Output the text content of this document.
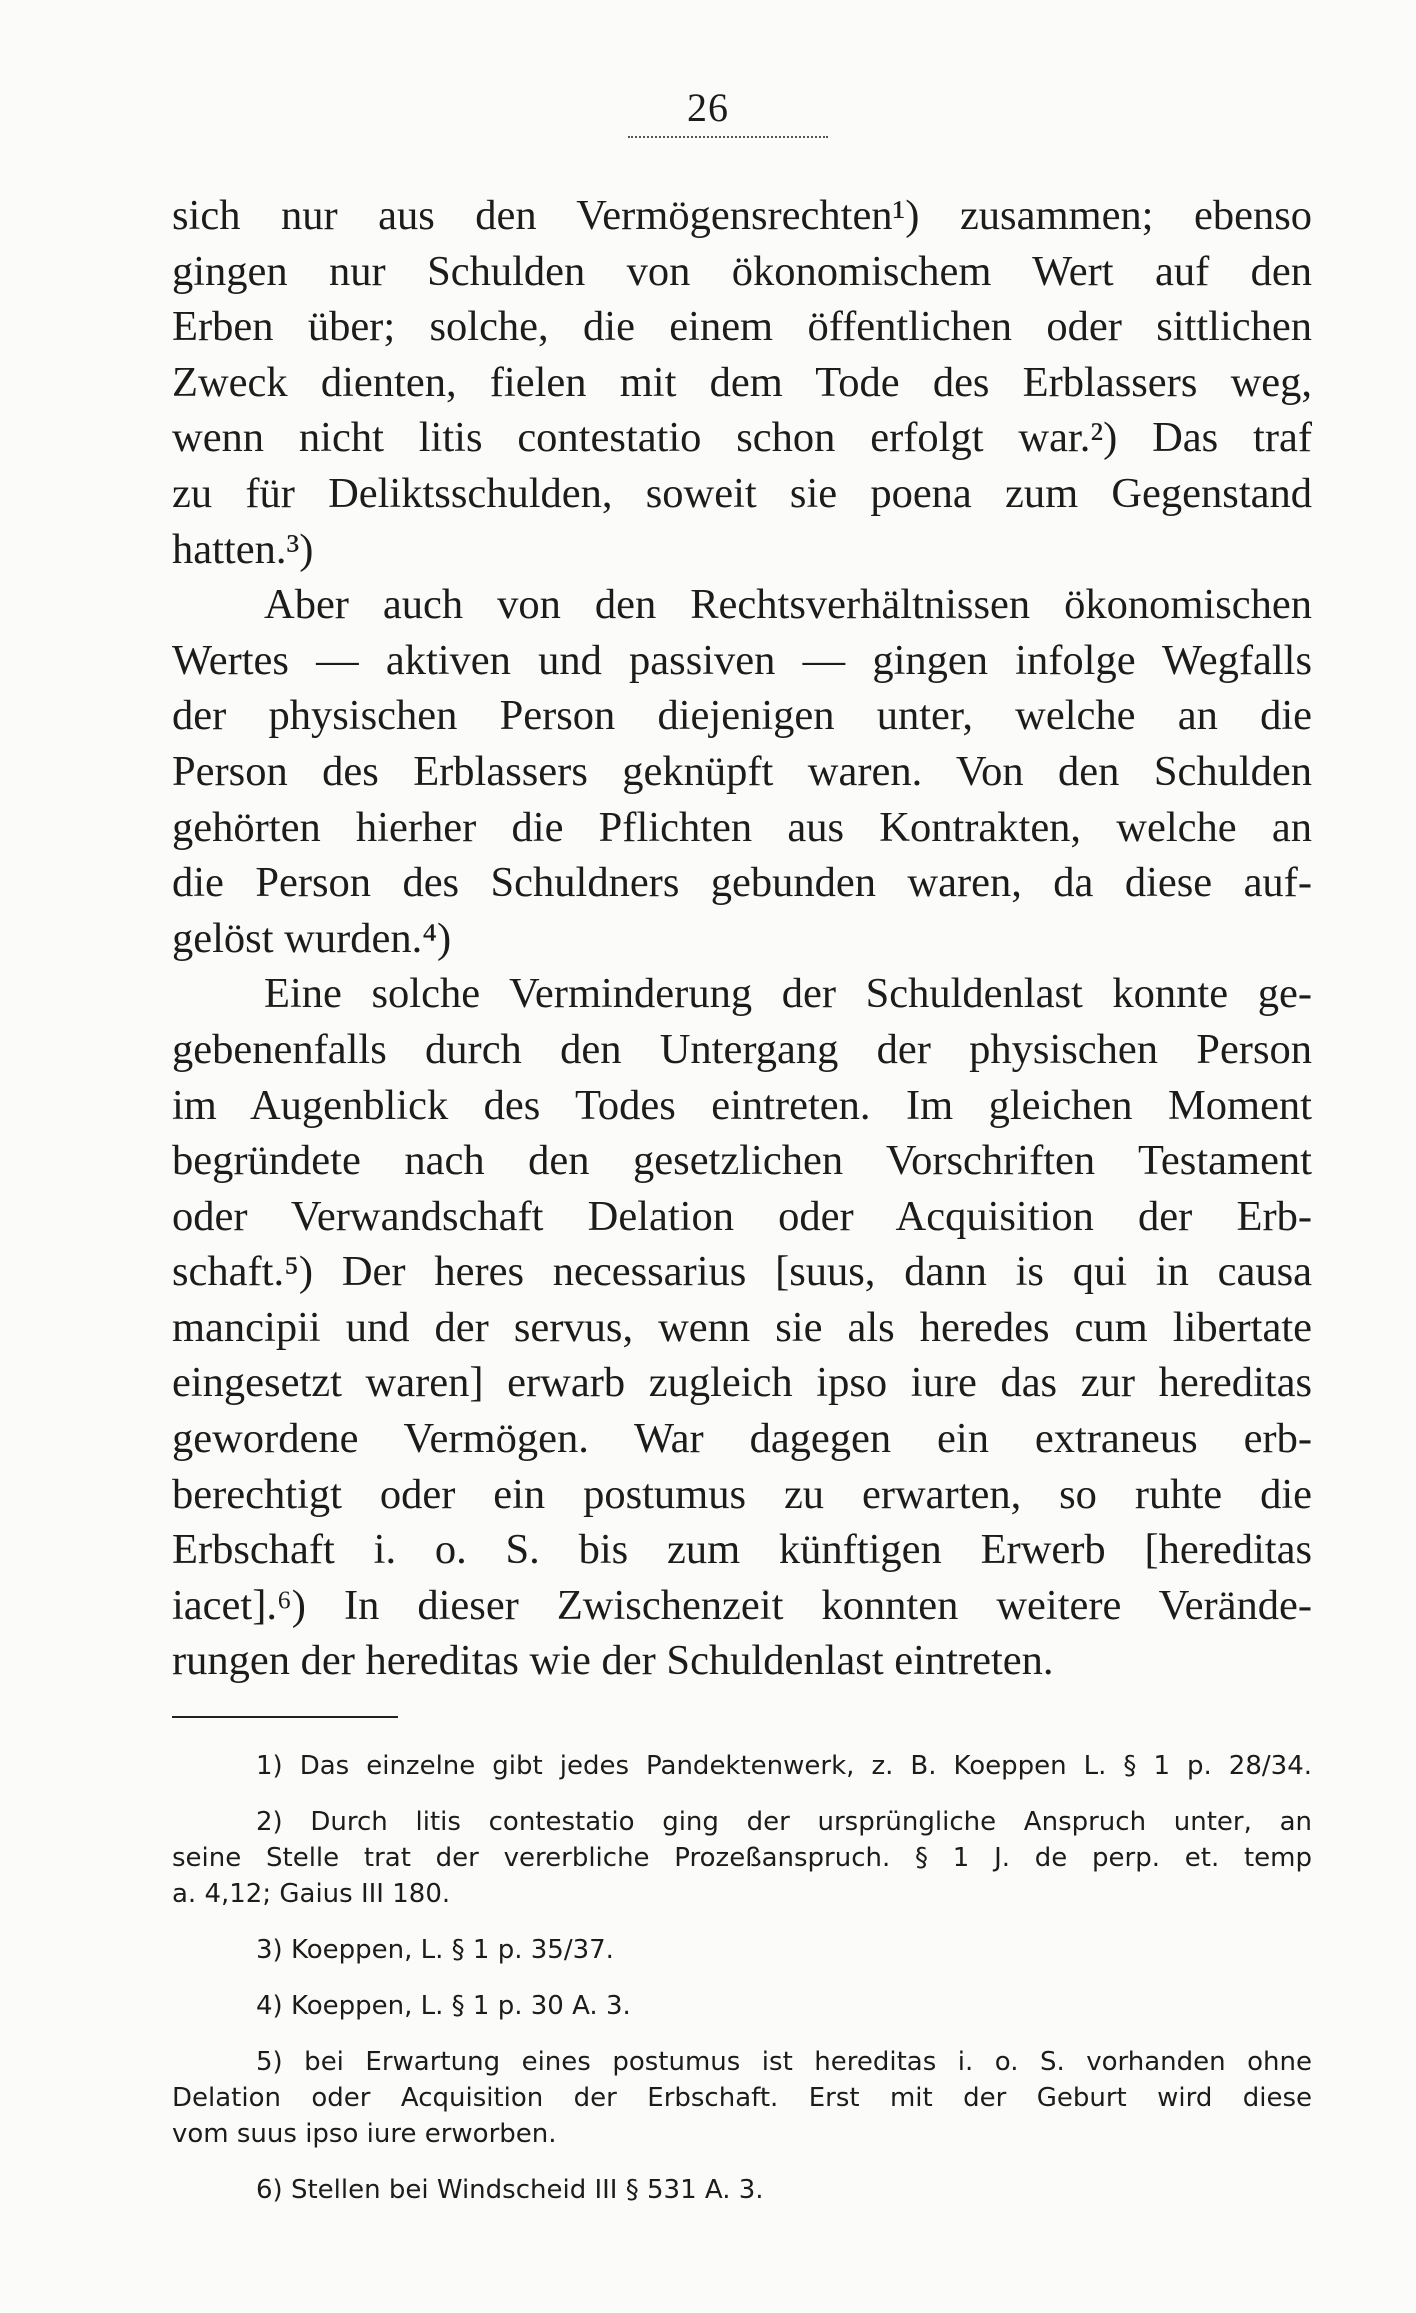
26
sich nur aus den Vermögensrechten¹) zusammen; ebenso
gingen nur Schulden von ökonomischem Wert auf den
Erben über; solche, die einem öffentlichen oder sittlichen
Zweck dienten, fielen mit dem Tode des Erblassers weg,
wenn nicht litis contestatio schon erfolgt war.²) Das traf
zu für Deliktsschulden, soweit sie poena zum Gegenstand
hatten.³)
Aber auch von den Rechtsverhältnissen ökonomischen
Wertes — aktiven und passiven — gingen infolge Wegfalls
der physischen Person diejenigen unter, welche an die
Person des Erblassers geknüpft waren. Von den Schulden
gehörten hierher die Pflichten aus Kontrakten, welche an
die Person des Schuldners gebunden waren, da diese auf-
gelöst wurden.⁴)
Eine solche Verminderung der Schuldenlast konnte ge-
gebenenfalls durch den Untergang der physischen Person
im Augenblick des Todes eintreten. Im gleichen Moment
begründete nach den gesetzlichen Vorschriften Testament
oder Verwandschaft Delation oder Acquisition der Erb-
schaft.⁵) Der heres necessarius [suus, dann is qui in causa
mancipii und der servus, wenn sie als heredes cum libertate
eingesetzt waren] erwarb zugleich ipso iure das zur hereditas
gewordene Vermögen. War dagegen ein extraneus erb-
berechtigt oder ein postumus zu erwarten, so ruhte die
Erbschaft i. o. S. bis zum künftigen Erwerb [hereditas
iacet].⁶) In dieser Zwischenzeit konnten weitere Verände-
rungen der hereditas wie der Schuldenlast eintreten.
1) Das einzelne gibt jedes Pandektenwerk, z. B. Koeppen L. § 1 p. 28/34.
2) Durch litis contestatio ging der ursprüngliche Anspruch unter, an
seine Stelle trat der vererbliche Prozeßanspruch. § 1 J. de perp. et. temp
a. 4,12; Gaius III 180.
3) Koeppen, L. § 1 p. 35/37.
4) Koeppen, L. § 1 p. 30 A. 3.
5) bei Erwartung eines postumus ist hereditas i. o. S. vorhanden ohne
Delation oder Acquisition der Erbschaft. Erst mit der Geburt wird diese
vom suus ipso iure erworben.
6) Stellen bei Windscheid III § 531 A. 3.
